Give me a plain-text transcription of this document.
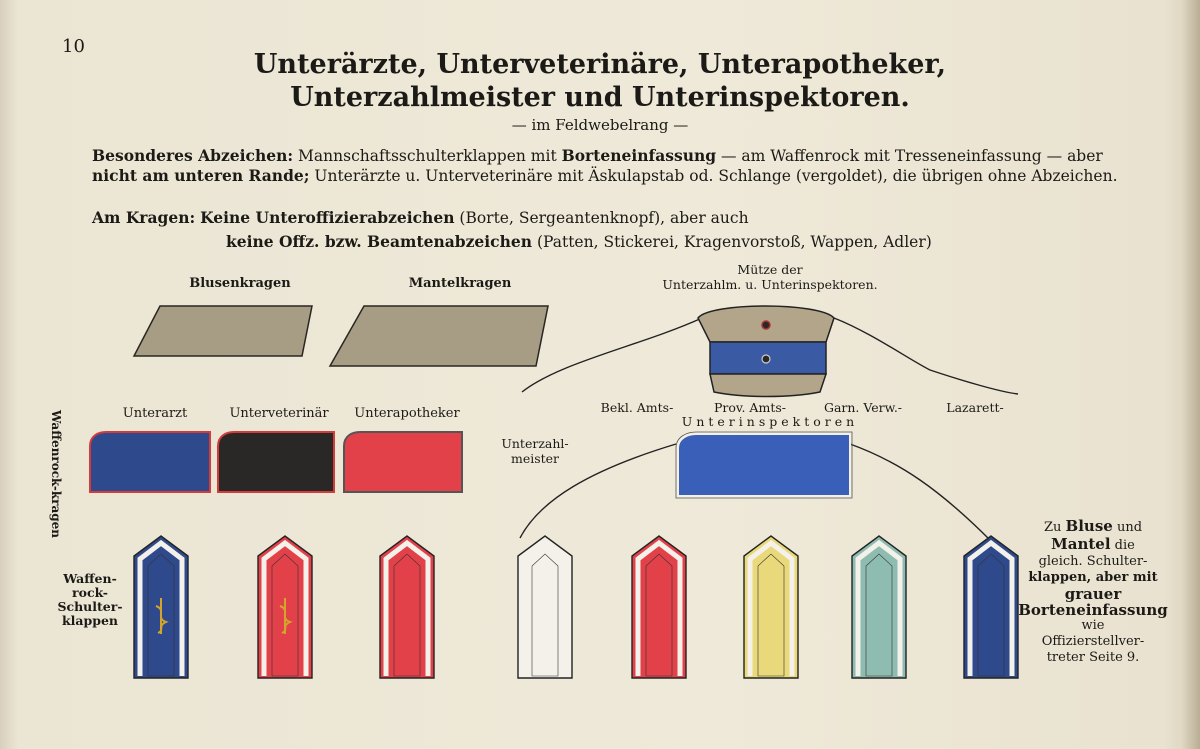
10
Unterärzte, Unterveterinäre, Unterapotheker,
Unterzahlmeister und Unterinspektoren.
— im Feldwebelrang —
Besonderes Abzeichen: Mannschaftsschulterklappen mit Borteneinfassung — am Waffenrock mit Tresseneinfassung — aber nicht am unteren Rande; Unterärzte u. Unterveterinäre mit Äskulapstab od. Schlange (vergoldet), die übrigen ohne Abzeichen.
Am Kragen: Keine Unteroffizierabzeichen (Borte, Sergeantenknopf), aber auch
keine Offz. bzw. Beamtenabzeichen (Patten, Stickerei, Kragenvorstoß, Wappen, Adler)
Blusenkragen	Mantelkragen
Mütze der
Unterzahlm. u. Unterinspektoren.
Waffenrock-kragen	Unterarzt	Unterveterinär	Unterapotheker	Bekl. Amts-	Prov. Amts-	Garn. Verw.-	Lazarett-
Unterinspektoren
Unterzahl-
meister
Waffen-
rock-
Schulter-
klappen
Zu Bluse und
Mantel die
gleich. Schulter-
klappen, aber mit
grauer
Borteneinfassung
wie
Offizierstellver-
treter Seite 9.
